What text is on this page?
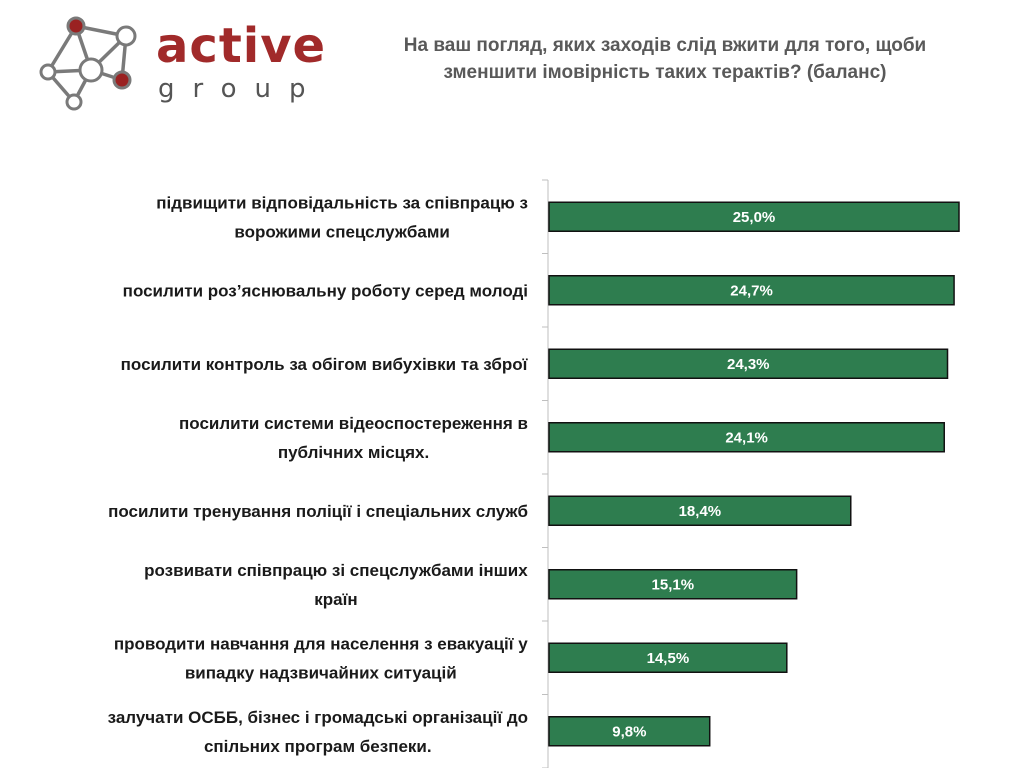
active
group
На ваш погляд, яких заходів слід вжити для того, щоби
зменшити імовірність таких терактів? (баланс)
25,0%
підвищити відповідальність за співпрацю з ворожими спецслужбами
24,7%
посилити роз’яснювальну роботу серед молоді
24,3%
посилити контроль за обігом вибухівки та зброї
24,1%
посилити системи відеоспостереження в публічних місцях.
18,4%
посилити тренування поліції і спеціальних служб
15,1%
розвивати співпрацю зі спецслужбами інших країн
14,5%
проводити навчання для населення з евакуації у випадку надзвичайних ситуацій
9,8%
залучати ОСББ, бізнес і громадські організації до спільних програм безпеки.
